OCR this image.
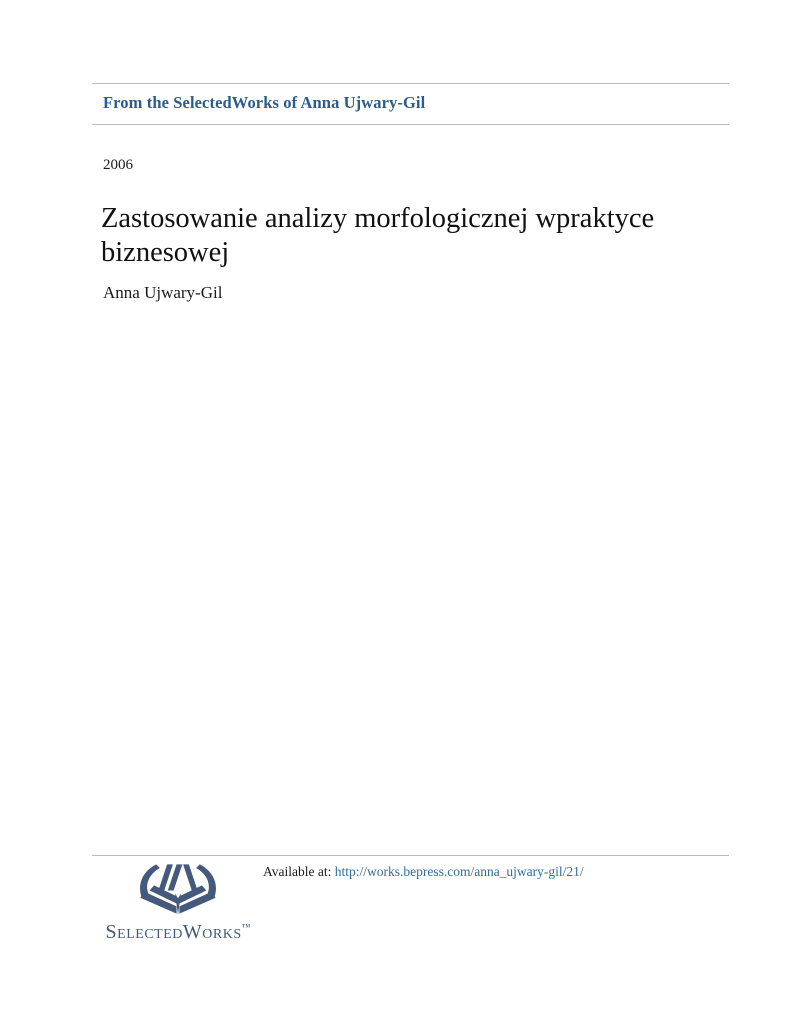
From the SelectedWorks of Anna Ujwary-Gil
2006
Zastosowanie analizy morfologicznej wpraktyce biznesowej
Anna Ujwary-Gil
SelectedWorks™
Available at: http://works.bepress.com/anna_ujwary-gil/21/
